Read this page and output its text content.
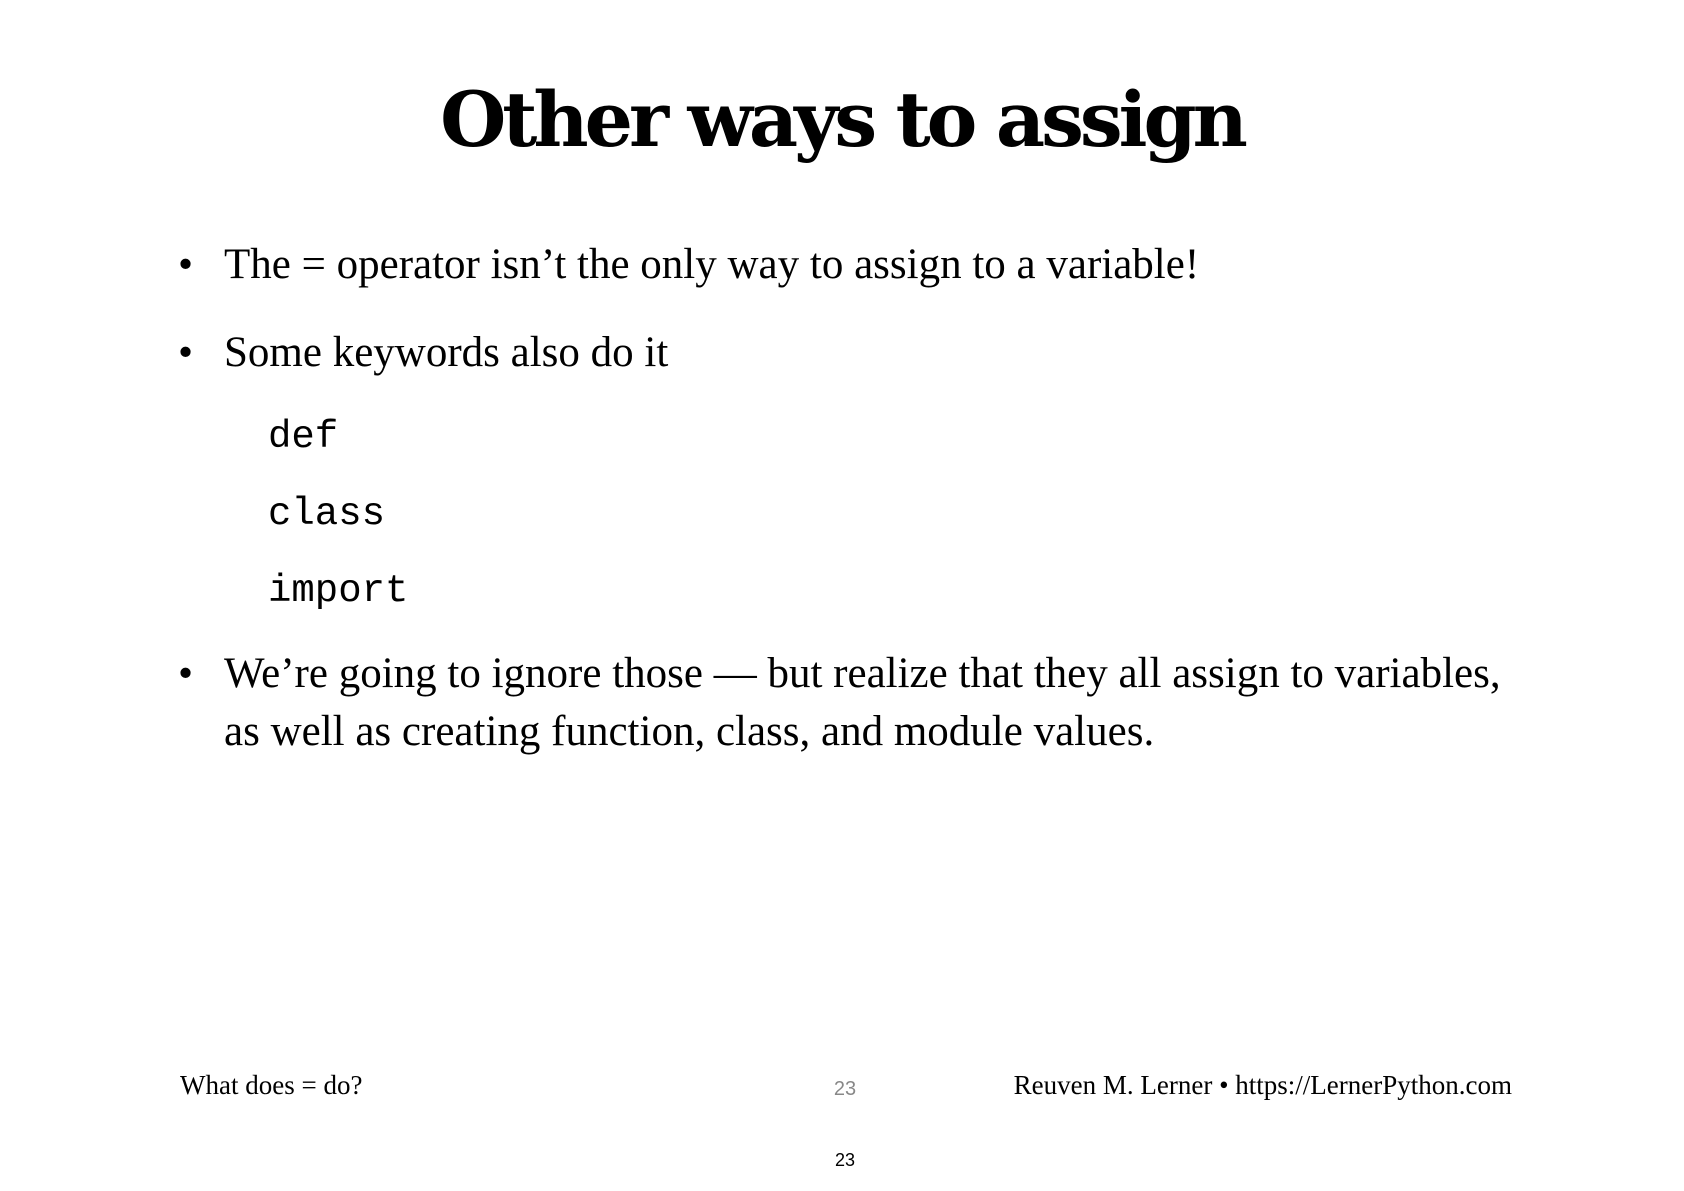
Other ways to assign
• The = operator isn’t the only way to assign to a variable!
• Some keywords also do it
def
class
import
• We’re going to ignore those — but realize that they all assign to variables, as well as creating function, class, and module values.
What does = do?	23	Reuven M. Lerner • https://LernerPython.com
23
